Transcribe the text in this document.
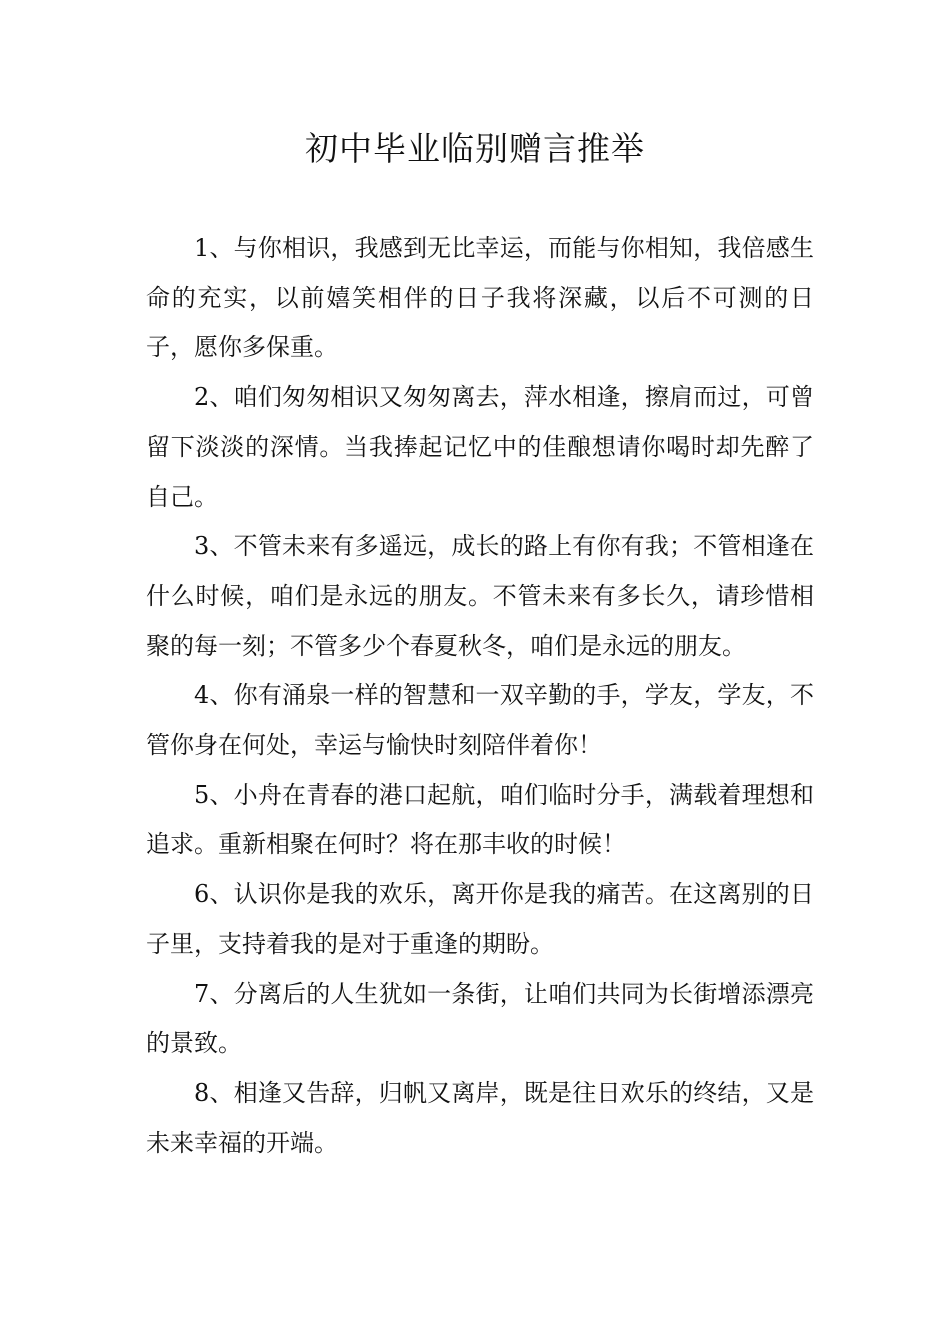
初中毕业临别赠言推举

1、与你相识，我感到无比幸运，而能与你相知，我倍感生命的充实，以前嬉笑相伴的日子我将深藏，以后不可测的日子，愿你多保重。

2、咱们匆匆相识又匆匆离去，萍水相逢，擦肩而过，可曾留下淡淡的深情。当我捧起记忆中的佳酿想请你喝时却先醉了自己。

3、不管未来有多遥远，成长的路上有你有我；不管相逢在什么时候，咱们是永远的朋友。不管未来有多长久，请珍惜相聚的每一刻；不管多少个春夏秋冬，咱们是永远的朋友。

4、你有涌泉一样的智慧和一双辛勤的手，学友，学友，不管你身在何处，幸运与愉快时刻陪伴着你！

5、小舟在青春的港口起航，咱们临时分手，满载着理想和追求。重新相聚在何时？将在那丰收的时候！

6、认识你是我的欢乐，离开你是我的痛苦。在这离别的日子里，支持着我的是对于重逢的期盼。

7、分离后的人生犹如一条街，让咱们共同为长街增添漂亮的景致。

8、相逢又告辞，归帆又离岸，既是往日欢乐的终结，又是未来幸福的开端。
